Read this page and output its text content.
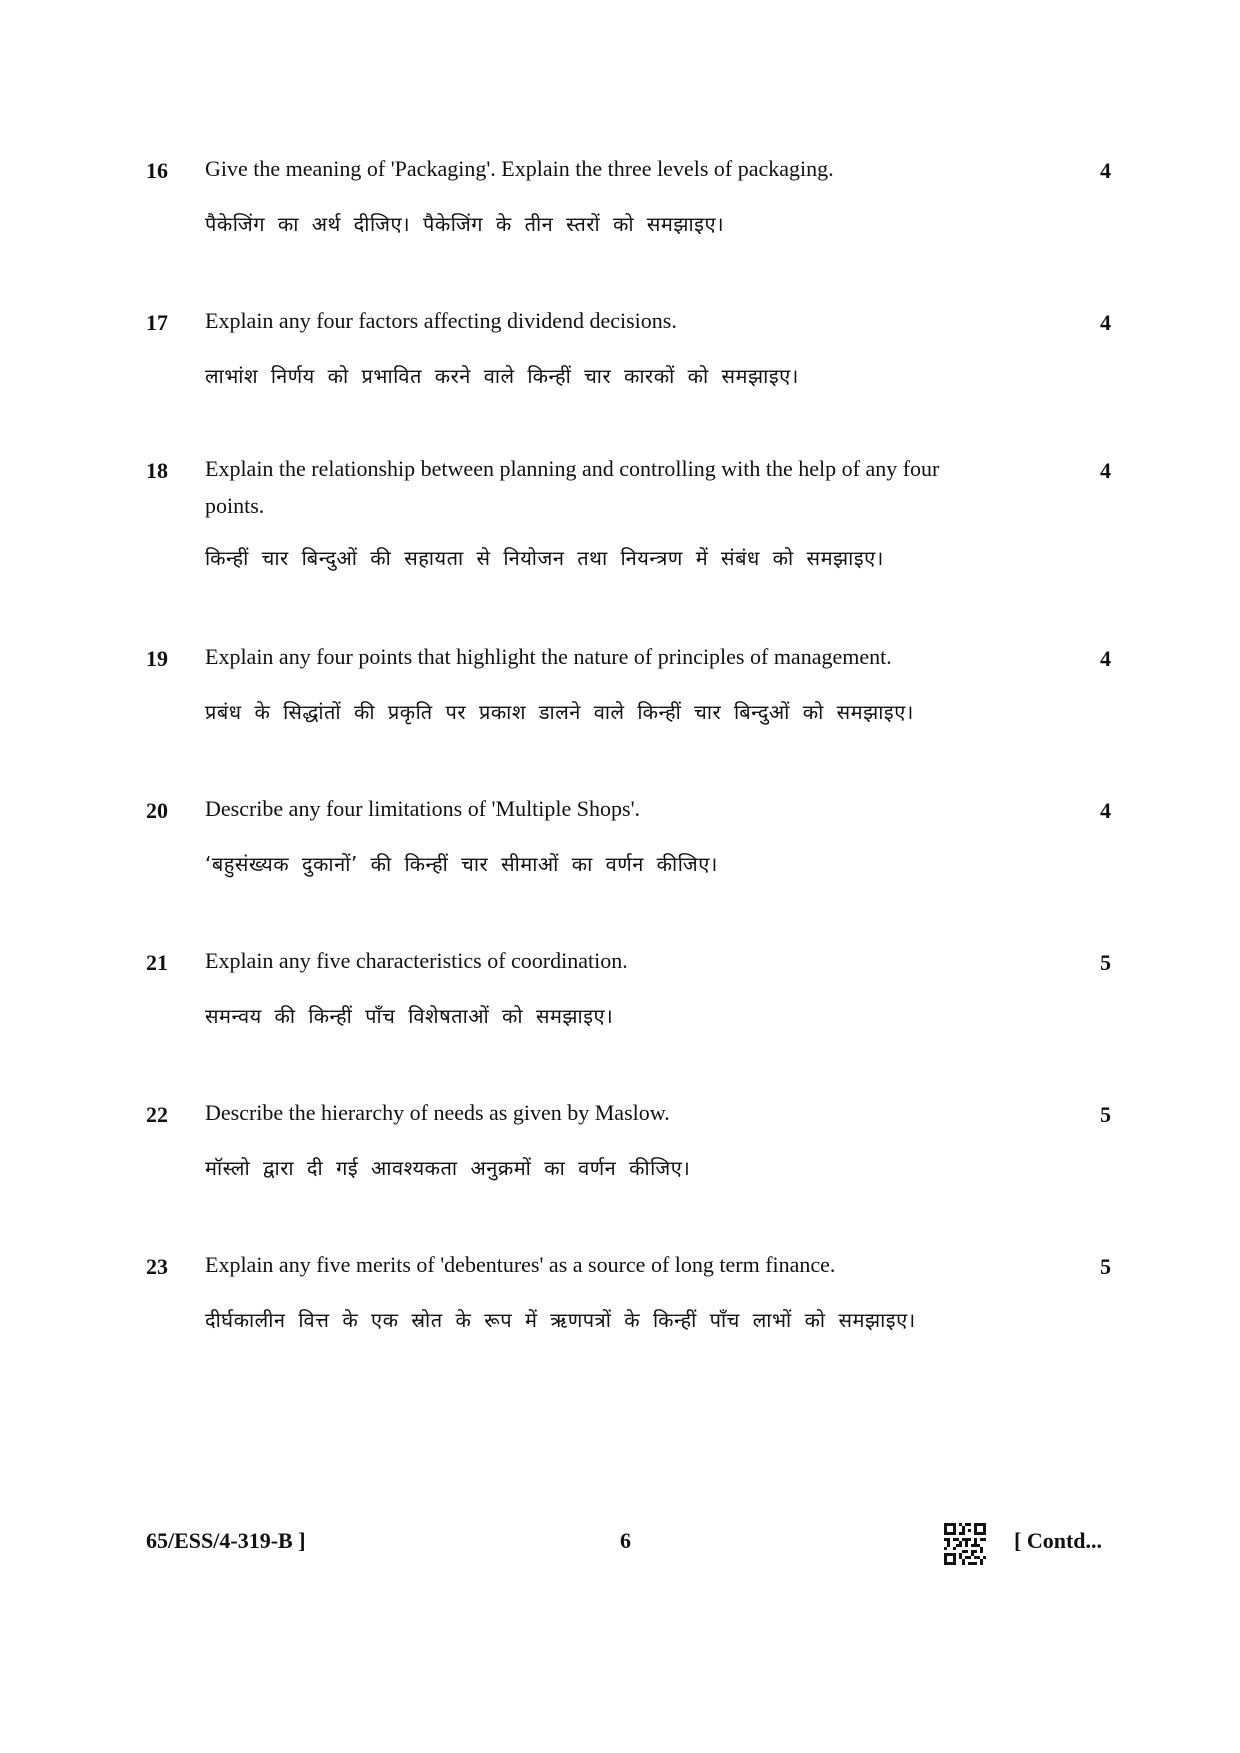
16 Give the meaning of 'Packaging'. Explain the three levels of packaging.	4
पैकेजिंग का अर्थ दीजिए। पैकेजिंग के तीन स्तरों को समझाइए।
17 Explain any four factors affecting dividend decisions.	4
लाभांश निर्णय को प्रभावित करने वाले किन्हीं चार कारकों को समझाइए।
18 Explain the relationship between planning and controlling with the help of any four points.
4
किन्हीं चार बिन्दुओं की सहायता से नियोजन तथा नियन्त्रण में संबंध को समझाइए।
19 Explain any four points that highlight the nature of principles of management.	4
प्रबंध के सिद्धांतों की प्रकृति पर प्रकाश डालने वाले किन्हीं चार बिन्दुओं को समझाइए।
20 Describe any four limitations of 'Multiple Shops'.	4
‘बहुसंख्यक दुकानों’ की किन्हीं चार सीमाओं का वर्णन कीजिए।
21 Explain any five characteristics of coordination.	5
समन्वय की किन्हीं पाँच विशेषताओं को समझाइए।
22 Describe the hierarchy of needs as given by Maslow.	5
मॉस्लो द्वारा दी गई आवश्यकता अनुक्रमों का वर्णन कीजिए।
23 Explain any five merits of 'debentures' as a source of long term finance.	5
दीर्घकालीन वित्त के एक स्रोत के रूप में ऋणपत्रों के किन्हीं पाँच लाभों को समझाइए।
65/ESS/4-319-B ]	6	[ Contd...
